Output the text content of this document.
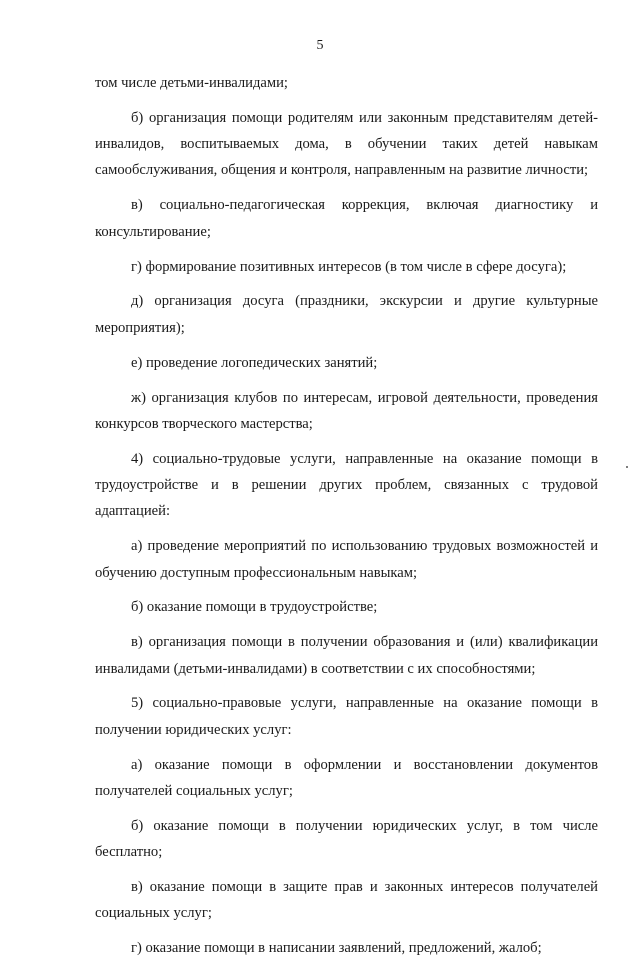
5

том числе детьми-инвалидами;

б) организация помощи родителям или законным представителям детей-инвалидов, воспитываемых дома, в обучении таких детей навыкам самообслуживания, общения и контроля, направленным на развитие личности;

в) социально-педагогическая коррекция, включая диагностику и консультирование;

г) формирование позитивных интересов (в том числе в сфере досуга);

д) организация досуга (праздники, экскурсии и другие культурные мероприятия);

е) проведение логопедических занятий;

ж) организация клубов по интересам, игровой деятельности, проведения конкурсов творческого мастерства;

4) социально-трудовые услуги, направленные на оказание помощи в трудоустройстве и в решении других проблем, связанных с трудовой адаптацией:

а) проведение мероприятий по использованию трудовых возможностей и обучению доступным профессиональным навыкам;

б) оказание помощи в трудоустройстве;

в) организация помощи в получении образования и (или) квалификации инвалидами (детьми-инвалидами) в соответствии с их способностями;

5) социально-правовые услуги, направленные на оказание помощи в получении юридических услуг:

а) оказание помощи в оформлении и восстановлении документов получателей социальных услуг;

б) оказание помощи в получении юридических услуг, в том числе бесплатно;

в) оказание помощи в защите прав и законных интересов получателей социальных услуг;

г) оказание помощи в написании заявлений, предложений, жалоб;
